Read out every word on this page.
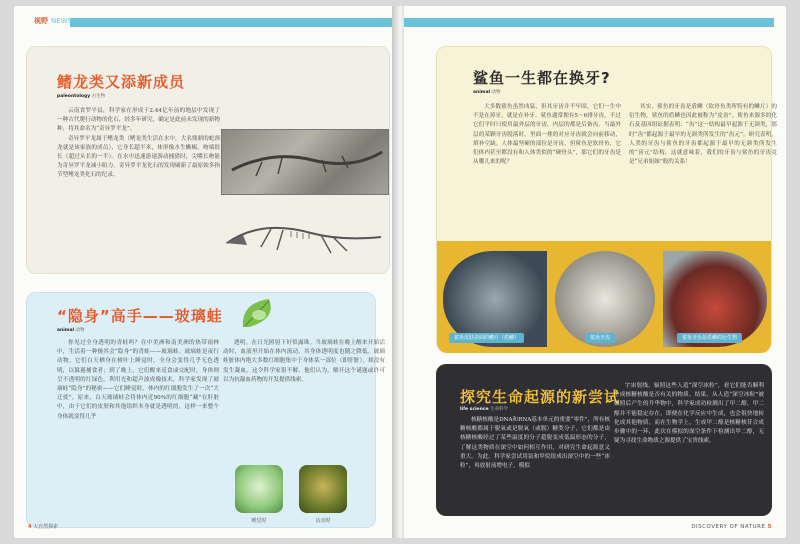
视野 NEWS
鳍龙类又添新成员
paleontology 古生物

云南省罗平县，科学家在形成于2.44亿年前的地层中发现了一种古代爬行动物的化石，经多年研究，确定是此前未发现的新物种，将其命名为“奇异罗平龙”。

奇异罗平龙属于鳍龙类（鳍龙类生活在水中，大名鼎鼎的蛇颈龙就是该家族的成员），它身长超半米，体形像水生蜥蜴，吻端很长（超过头长的一半）。在水中迅速游速游动捕猎时，尖嘴长吻能为奇异罗平龙减小阻力。奇异罗平龙化石的发现刷新了最原始多指节型鳍龙类化石的纪录。

“隐身”高手——玻璃蛙
animal 动物
你见过全身透明的青蛙吗？在中美洲和南美洲的热带雨林中，生活着一种极其会“隐身”的青蛙——玻璃蛙。玻璃蛙是夜行动物，它们白天栖身在树叶上睡觉时，全身会变得几乎无色透明，以躲避捕食者；到了晚上，它们醒来觅食或交配时，身体则呈不透明的红绿色。利用光和超声波成像技术，科学家发现了玻璃蛙“隐身”的秘密——它们睡觉时，体内的红细胞发生了一次“大迁徙”。原来，白天玻璃蛙会将体内近90%的红细胞“藏”在肝脏中，由于它们的皮肤和其他组织本身就是透明的，这样一来整个身体就变得几乎
透明。在日光照射下好似露珠。当玻璃蛙在晚上醒来开始活动时，血液里开始在体内流动，其身体透明度也随之降低。玻璃蛙脏体内绝大多数红细胞集中于身体某一部位（即肝脏），却没有发生凝血，这令科学家很不解。他们认为，解开这个谜题或许可以为抗凝血药物的开发提供线索。
睡觉时	活动时
4 大自然探索
鲨鱼一生都在换牙?
animal 动物
大多数鲨鱼虽然凶猛，但其牙齿并不牢固，它们一生中不是在掉牙，就是在补牙。鲨鱼通常拥有5～6排牙齿，不过它们平时只使用最外层的牙齿，内层的都是后备齿。当最外层的某颗牙齿脱落时，里面一排的对应牙齿就会向前移动，填补空缺。人体最坚硬的部位是牙齿，但鲨鱼是软骨鱼，它们体内甚至都没有和人体类似的“硬骨头”，那它们的牙齿是从哪儿来的呢？
其实，鲨鱼的牙齿是盾鳞（软骨鱼类所特有的鳞片）的衍生物，鲨鱼的盾鳞也因此被称为“皮齿”。鲨鱼来源多的化石及基因组证据表明：“齿”这一结构最早起源于无颌类，那时“齿”都起源于最早的无颌类所发生的“齿元”。研究表明，人类的牙齿与鲨鱼的牙齿都起源于最早的无颌类所发生的“齿元”结构，这就意味着，我们的牙齿与鲨鱼的牙齿竟是“兄弟姐妹”般的关系！
鲨鱼皮肤表面的鳞片（盾鳞）	鲨鱼牙齿	鲨鱼牙齿是盾鳞的衍生物
探究生命起源的新尝试
life science 生命科学
核糖核酸是DNA和RNA基本单元的重要“零件”，所有核糖核酸都属于脱氧或是脱氧（或脱）糖类分子，它们都是由核糖核酸经过了某些温度的分子超脱变成低温形态的分子，了解这类物质在深空中如何相互作用，对研究生命起源意义重大。为此，科学家尝试用氩和甲烷组成出深空中的一些“冰粒”，再放射前增电子，模拟
宇宙射线，辐照这些人造“深空冰粒”，看它们能否顺利生成核糖核酸是否有关的物质。结果，从人造“深空冰粒”被辐照后产生的升华物中，科学家成功检测出了甲二醇，甲二醇并不能稳定存在，即便在化学反应中生成，也会很快地转化成其他物质。而在生物学上，生成甲二醇是核糖核苷合成步骤中的一环，此次在模拟的深空条件下检测出甲二醇，无疑为寻找生命物质之源提供了宝贵线索。
DISCOVERY OF NATURE 5
